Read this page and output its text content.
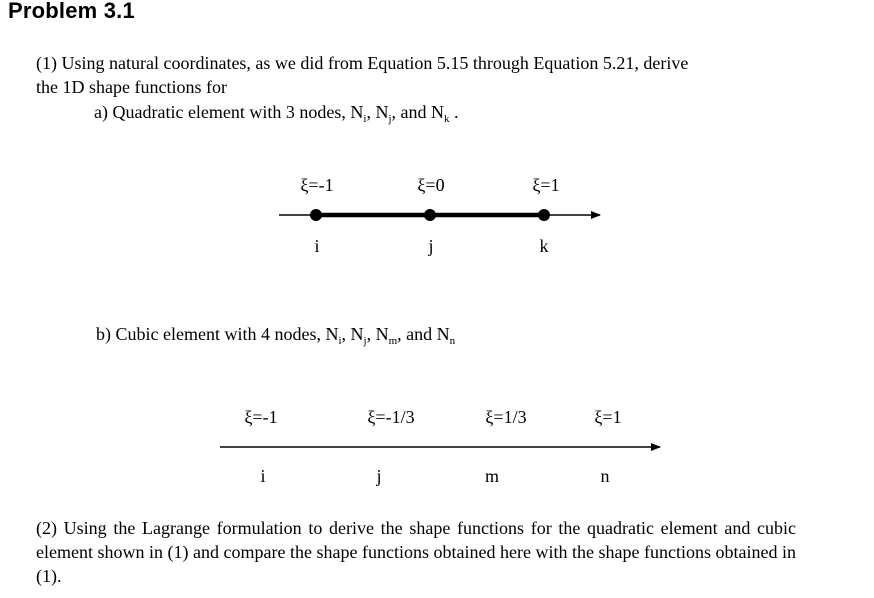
Problem 3.1
(1) Using natural coordinates, as we did from Equation 5.15 through Equation 5.21, derive
the 1D shape functions for
a) Quadratic element with 3 nodes, $N_i$, $N_j$, and $N_k$ .
b) Cubic element with 4 nodes, $N_i$, $N_j$, $N_m$, and $N_n$
ξ=-1	ξ=0	ξ=1
i	j	k
ξ=-1	ξ=-1/3	ξ=1/3	ξ=1
i	j	m	n
(2) Using the Lagrange formulation to derive the shape functions for the quadratic element and cubic element shown in (1) and compare the shape functions obtained here with the shape functions obtained in (1).
